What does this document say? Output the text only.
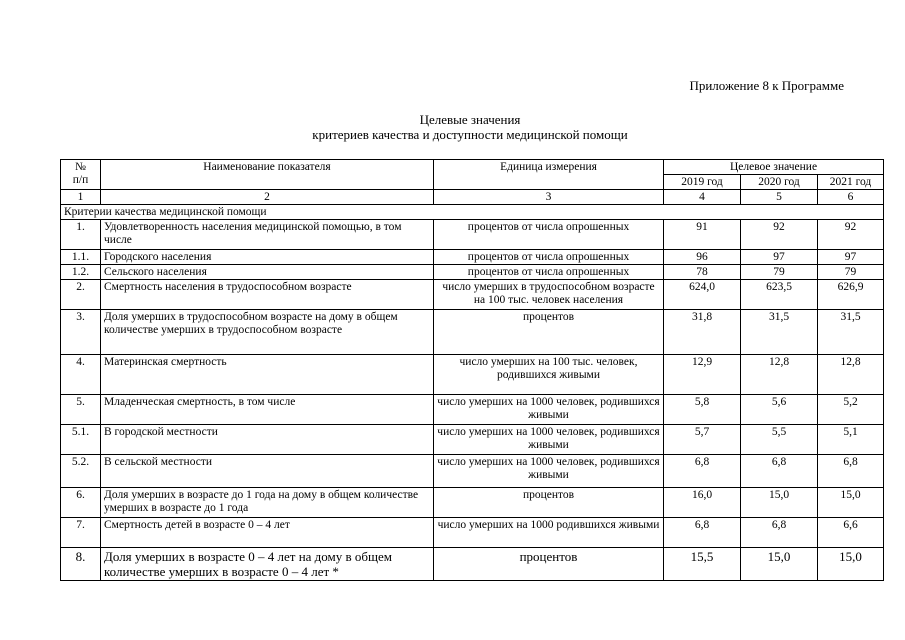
Приложение 8 к Программе
Целевые значения
критериев качества и доступности медицинской помощи
№
п/п	Наименование показателя	Единица измерения	Целевое значение		
			2019 год	2020 год	2021 год
1	2	3	4	5	6
Критерии качества медицинской помощи					
1.	Удовлетворенность населения медицинской помощью, в том числе	процентов от числа опрошенных	91	92	92
1.1.	Городского населения	процентов от числа опрошенных	96	97	97
1.2.	Сельского населения	процентов от числа опрошенных	78	79	79
2.	Смертность населения в трудоспособном возрасте	число умерших в трудоспособном возрасте на 100 тыс. человек населения	624,0	623,5	626,9
3.	Доля умерших в трудоспособном возрасте на дому в общем количестве умерших в трудоспособном возрасте	процентов	31,8	31,5	31,5
4.	Материнская смертность	число умерших на 100 тыс. человек, родившихся живыми	12,9	12,8	12,8
5.	Младенческая смертность, в том числе	число умерших на 1000 человек, родившихся живыми	5,8	5,6	5,2
5.1.	В городской местности	число умерших на 1000 человек, родившихся живыми	5,7	5,5	5,1
5.2.	В сельской местности	число умерших на 1000 человек, родившихся живыми	6,8	6,8	6,8
6.	Доля умерших в возрасте до 1 года на дому в общем количестве умерших в возрасте до 1 года	процентов	16,0	15,0	15,0
7.	Смертность детей в возрасте 0 – 4 лет	число умерших на 1000 родившихся живыми	6,8	6,8	6,6
8.	Доля умерших в возрасте 0 – 4 лет на дому в общем количестве умерших в возрасте 0 – 4 лет *	процентов	15,5	15,0	15,0
